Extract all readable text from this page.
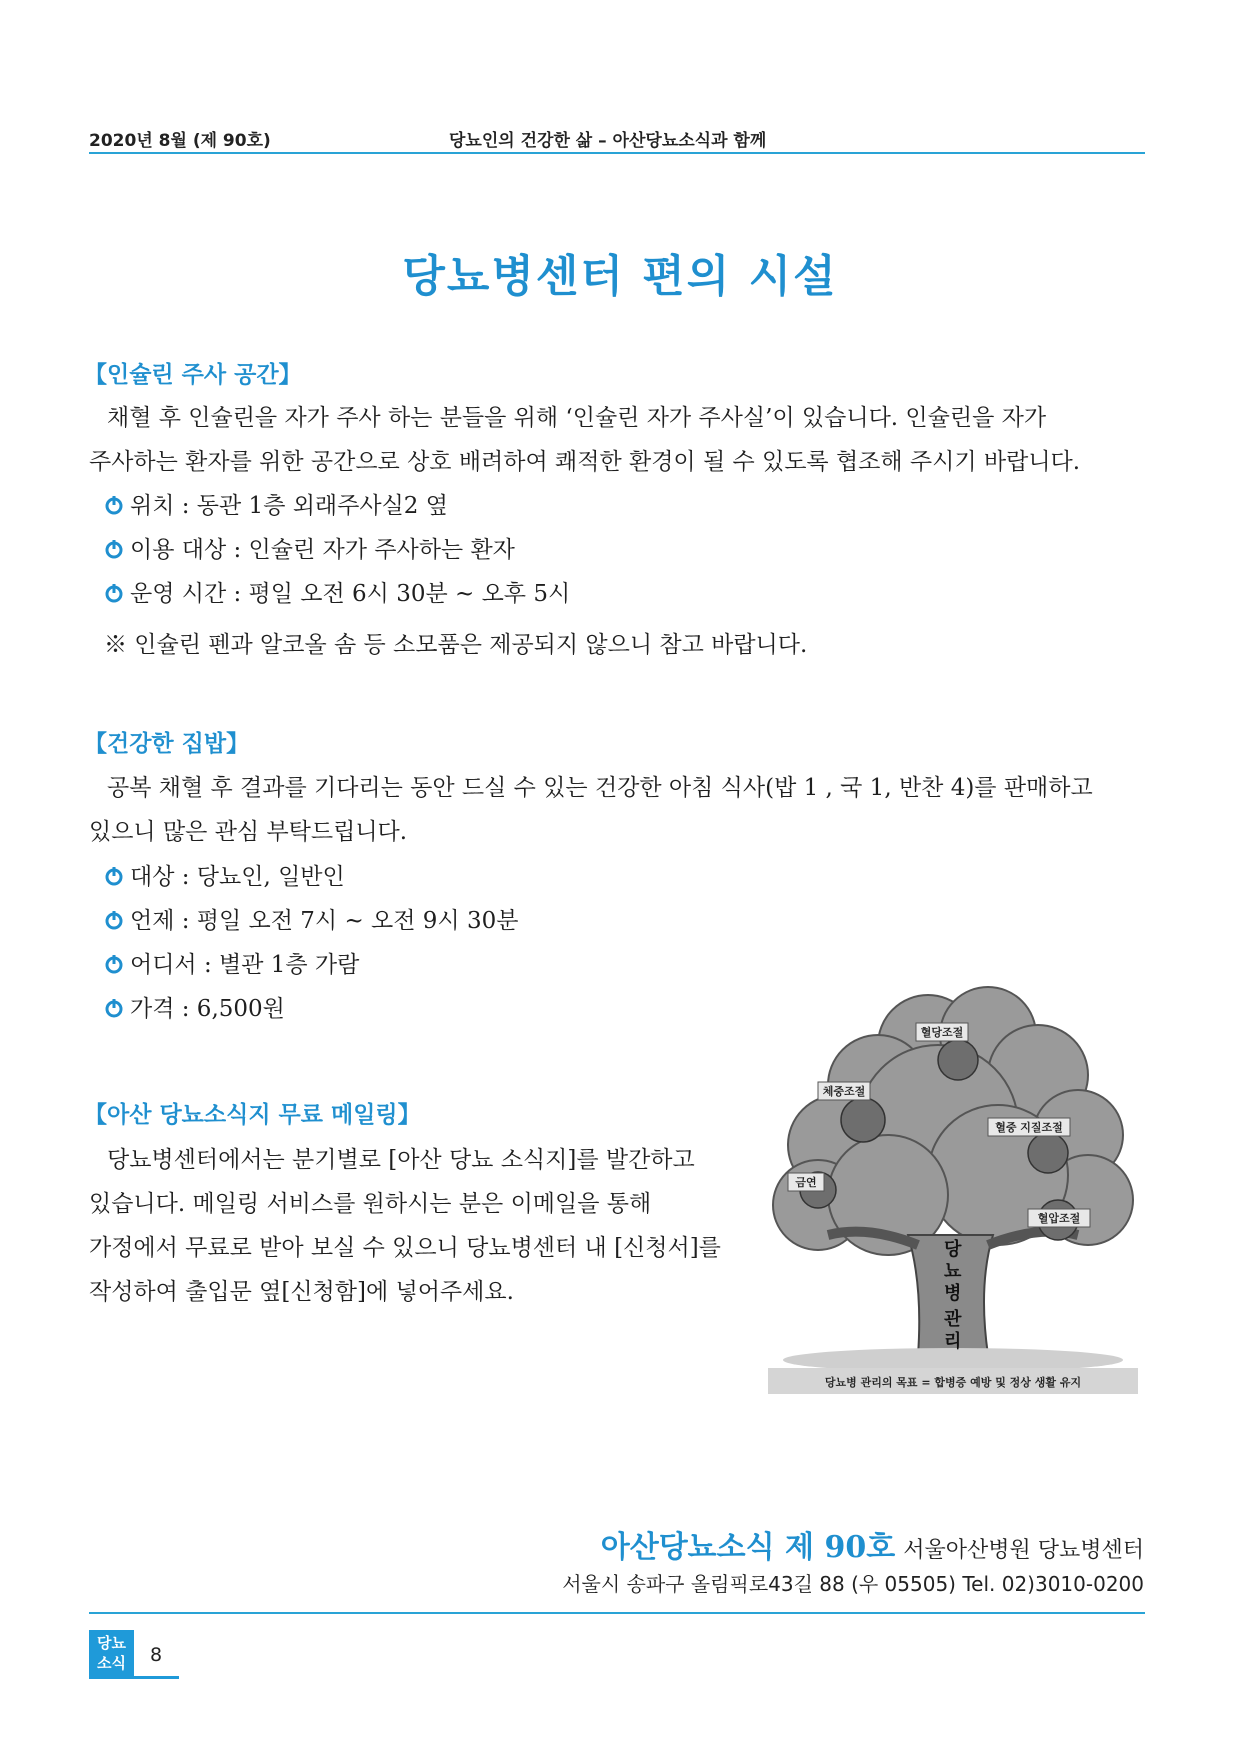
2020년 8월 (제 90호)	당뇨인의 건강한 삶 – 아산당뇨소식과 함께
당뇨병센터 편의 시설
【인슐린 주사 공간】
채혈 후 인슐린을 자가 주사 하는 분들을 위해 ‘인슐린 자가 주사실’이 있습니다. 인슐린을 자가
주사하는 환자를 위한 공간으로 상호 배려하여 쾌적한 환경이 될 수 있도록 협조해 주시기 바랍니다.
위치 : 동관 1층 외래주사실2 옆
이용 대상 : 인슐린 자가 주사하는 환자
운영 시간 : 평일 오전 6시 30분 ~ 오후 5시
※ 인슐린 펜과 알코올 솜 등 소모품은 제공되지 않으니 참고 바랍니다.
【건강한 집밥】
공복 채혈 후 결과를 기다리는 동안 드실 수 있는 건강한 아침 식사(밥 1 , 국 1, 반찬 4)를 판매하고
있으니 많은 관심 부탁드립니다.
대상 : 당뇨인, 일반인
언제 : 평일 오전 7시 ~ 오전 9시 30분
어디서 : 별관 1층 가람
가격 : 6,500원
【아산 당뇨소식지 무료 메일링】
당뇨병센터에서는 분기별로 [아산 당뇨 소식지]를 발간하고
있습니다. 메일링 서비스를 원하시는 분은 이메일을 통해
가정에서 무료로 받아 보실 수 있으니 당뇨병센터 내 [신청서]를
작성하여 출입문 옆[신청함]에 넣어주세요.
혈당조절
체중조절
혈중 지질조절
금연
혈압조절
당 뇨 병 관 리
당뇨병 관리의 목표 = 합병증 예방 및 정상 생활 유지
아산당뇨소식 제 90호 서울아산병원 당뇨병센터
서울시 송파구 올림픽로43길 88 (우 05505) Tel. 02)3010-0200
당뇨
소식	8
